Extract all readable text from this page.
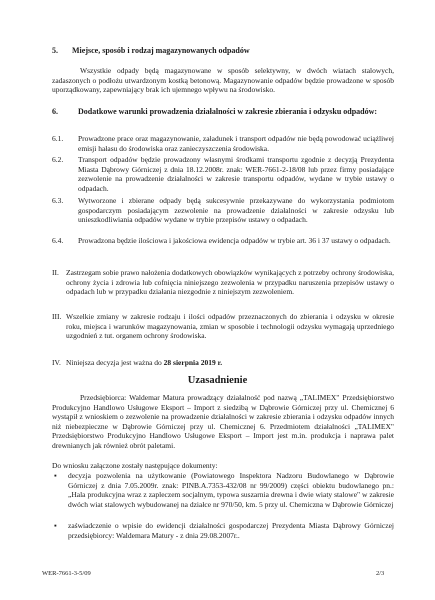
5. Miejsce, sposób i rodzaj magazynowanych odpadów

Wszystkie odpady będą magazynowane w sposób selektywny, w dwóch wiatach stalowych, zadaszonych o podłożu utwardzonym kostką betonową. Magazynowanie odpadów będzie prowadzone w sposób uporządkowany, zapewniający brak ich ujemnego wpływu na środowisko.

6.	Dodatkowe warunki prowadzenia działalności w zakresie zbierania i odzysku odpadów:
6.1. Prowadzone prace oraz magazynowanie, załadunek i transport odpadów nie będą powodować uciążliwej emisji hałasu do środowiska oraz zanieczyszczenia środowiska.
6.2. Transport odpadów będzie prowadzony własnymi środkami transportu zgodnie z decyzją Prezydenta Miasta Dąbrowy Górniczej z dnia 18.12.2008r. znak: WER-7661-2-18/08 lub przez firmy posiadające zezwolenie na prowadzenie działalności w zakresie transportu odpadów, wydane w trybie ustawy o odpadach.
6.3. Wytworzone i zbierane odpady będą sukcesywnie przekazywane do wykorzystania podmiotom gospodarczym posiadającym zezwolenie na prowadzenie działalności w zakresie odzysku lub unieszkodliwiania odpadów wydane w trybie przepisów ustawy o odpadach.
6.4. Prowadzona będzie ilościowa i jakościowa ewidencja odpadów w trybie art. 36 i 37 ustawy o odpadach.
II. Zastrzegam sobie prawo nałożenia dodatkowych obowiązków wynikających z potrzeby ochrony środowiska, ochrony życia i zdrowia lub cofnięcia niniejszego zezwolenia w przypadku naruszenia przepisów ustawy o odpadach lub w przypadku działania niezgodnie z niniejszym zezwoleniem.
III. Wszelkie zmiany w zakresie rodzaju i ilości odpadów przeznaczonych do zbierania i odzysku w okresie roku, miejsca i warunków magazynowania, zmian w sposobie i technologii odzysku wymagają uprzedniego uzgodnień z tut. organem ochrony środowiska.
IV. Niniejsza decyzja jest ważna do 28 sierpnia 2019 r.
Uzasadnienie

Przedsiębiorca: Waldemar Matura prowadzący działalność pod nazwą „TALIMEX" Przedsiębiorstwo Produkcyjno Handlowo Usługowe Eksport – Import z siedzibą w Dąbrowie Górniczej przy ul. Chemicznej 6 wystąpił z wnioskiem o zezwolenie na prowadzenie działalności w zakresie zbierania i odzysku odpadów innych niż niebezpieczne w Dąbrowie Górniczej przy ul. Chemicznej 6. Przedmiotem działalności „TALIMEX" Przedsiębiorstwo Produkcyjno Handlowo Usługowe Eksport – Import jest m.in. produkcja i naprawa palet drewnianych jak również obrót paletami.

Do wniosku załączone zostały następujące dokumenty:

▪ decyzja pozwolenia na użytkowanie (Powiatowego Inspektora Nadzoru Budowlanego w Dąbrowie Górniczej z dnia 7.05.2009r. znak: PINB.A.7353-432/08 nr 99/2009) części obiektu budowlanego pn.: „Hala produkcyjna wraz z zapleczem socjalnym, typowa suszarnia drewna i dwie wiaty stalowe" w zakresie dwóch wiat stalowych wybudowanej na działce nr 970/50, km. 5 przy ul. Chemiczna w Dąbrowie Górniczej
▪ zaświadczenie o wpisie do ewidencji działalności gospodarczej Prezydenta Miasta Dąbrowy Górniczej przedsiębiorcy: Waldemara Matury - z dnia 29.08.2007r..
WER-7661-3-5/09	2/3
